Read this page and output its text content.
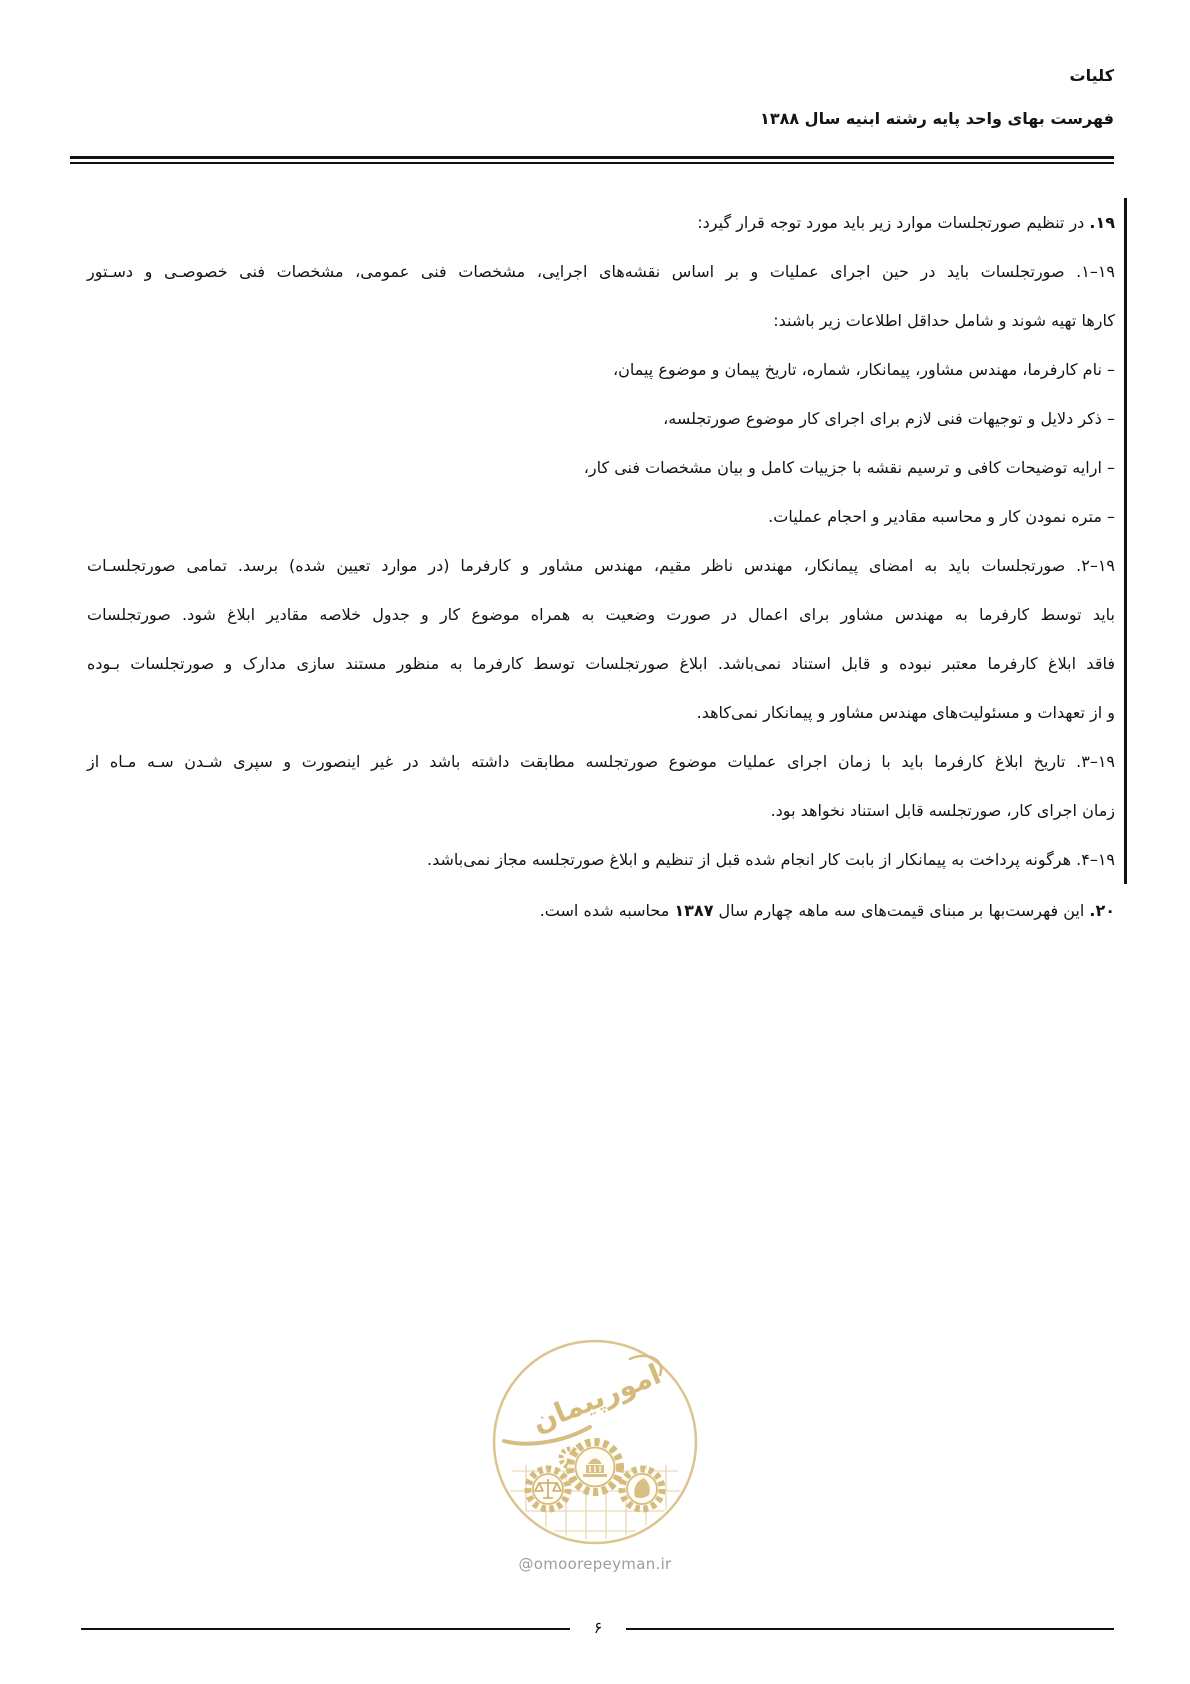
کلیات
فهرست بهای واحد پایه رشته ابنیه سال ۱۳۸۸
۱۹. در تنظیم صورتجلسات موارد زیر باید مورد توجه قرار گیرد:
۱۹–۱. صورتجلسات باید در حین اجرای عملیات و بر اساس نقشه‌های اجرایی، مشخصات فنی عمومی، مشخصات فنی خصوصـی و دسـتور
کارها تهیه شوند و شامل حداقل اطلاعات زیر باشند:
– نام کارفرما، مهندس مشاور، پیمانکار، شماره، تاریخ پیمان و موضوع پیمان،
– ذکر دلایل و توجیهات فنی لازم برای اجرای کار موضوع صورتجلسه،
– ارایه توضیحات کافی و ترسیم نقشه با جزییات کامل و بیان مشخصات فنی کار،
– متره نمودن کار و محاسبه مقادیر و احجام عملیات.
۱۹–۲. صورتجلسات باید به امضای پیمانکار، مهندس ناظر مقیم، مهندس مشاور و کارفرما (در موارد تعیین شده) برسد. تمامی صورتجلسـات
باید توسط کارفرما به مهندس مشاور برای اعمال در صورت وضعیت به همراه موضوع کار و جدول خلاصه مقادیر ابلاغ شود. صورتجلسات
فاقد ابلاغ کارفرما معتبر نبوده و قابل استناد نمی‌باشد. ابلاغ صورتجلسات توسط کارفرما به منظور مستند سازی مدارک و صورتجلسات بـوده
و از تعهدات و مسئولیت‌های مهندس مشاور و پیمانکار نمی‌کاهد.
۱۹–۳. تاریخ ابلاغ کارفرما باید با زمان اجرای عملیات موضوع صورتجلسه مطابقت داشته باشد در غیر اینصورت و سپری شـدن سـه مـاه از
زمان اجرای کار، صورتجلسه قابل استناد نخواهد بود.
۱۹–۴. هرگونه پرداخت به پیمانکار از بابت کار انجام شده قبل از تنظیم و ابلاغ صورتجلسه مجاز نمی‌باشد.
۲۰. این فهرست‌بها بر مبنای قیمت‌های سه ماهه چهارم سال ۱۳۸۷ محاسبه شده است.
امورپیمان
@omoorepeyman.ir
۶
